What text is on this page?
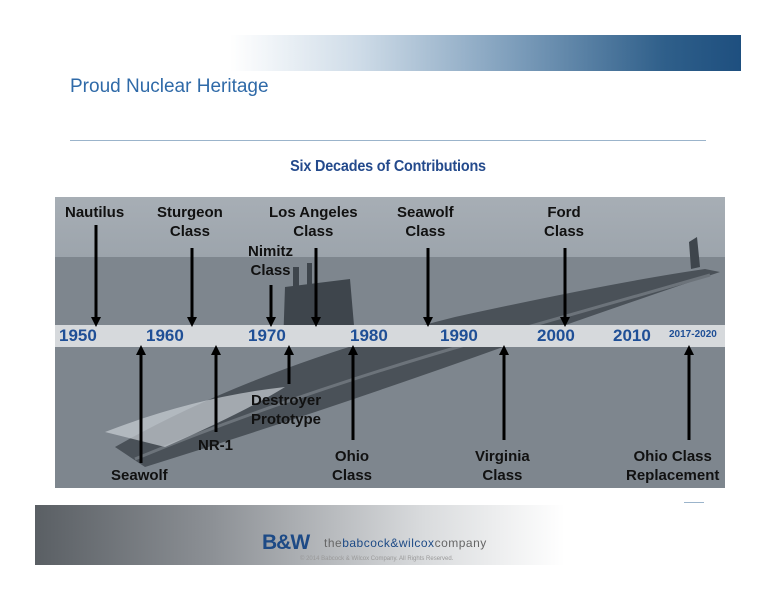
Proud Nuclear Heritage
Six Decades of Contributions
Nautilus Sturgeon
Class
Nimitz
Class
Los Angeles
Class
Seawolf
Class
Ford
Class
1950	1960	1970	1980	1990	2000 2010 2017-2020
Seawolf
NR-1
Destroyer
Prototype
Ohio
Class
Virginia
Class
Ohio Class
Replacement
B&W thebabcock&wilcoxcompany
© 2014 Babcock & Wilcox Company. All Rights Reserved.
